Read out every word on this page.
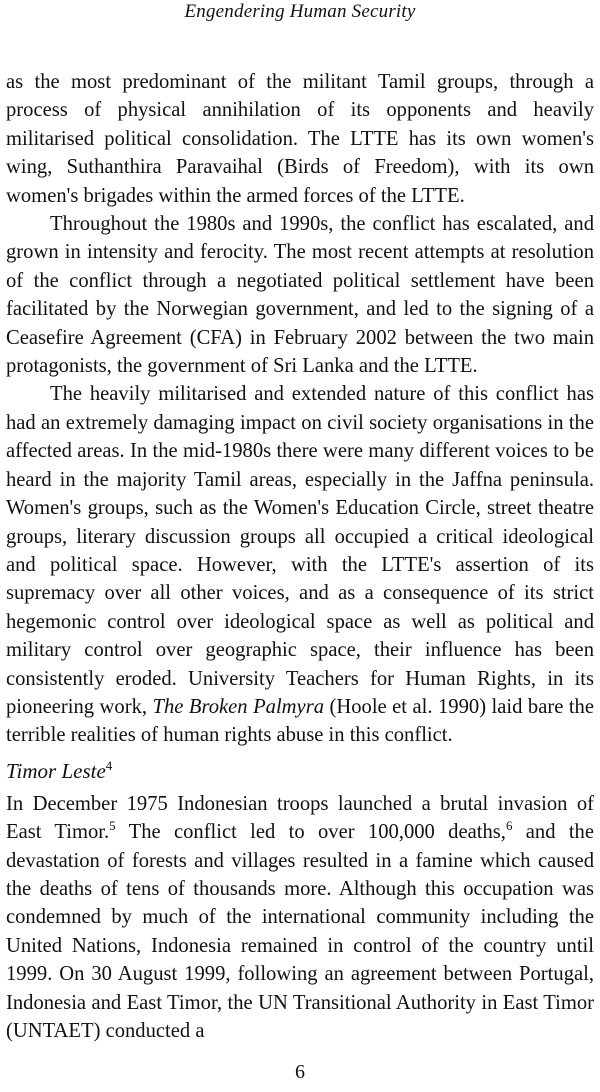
Engendering Human Security

as the most predominant of the militant Tamil groups, through a process of physical annihilation of its opponents and heavily militarised political consolidation. The LTTE has its own women's wing, Suthanthira Paravaihal (Birds of Freedom), with its own women's brigades within the armed forces of the LTTE.

Throughout the 1980s and 1990s, the conflict has escalated, and grown in intensity and ferocity. The most recent attempts at resolution of the conflict through a negotiated political settlement have been facilitated by the Norwegian government, and led to the signing of a Ceasefire Agreement (CFA) in February 2002 between the two main protagonists, the government of Sri Lanka and the LTTE.

The heavily militarised and extended nature of this conflict has had an extremely damaging impact on civil society organisations in the affected areas. In the mid-1980s there were many different voices to be heard in the majority Tamil areas, especially in the Jaffna peninsula. Women's groups, such as the Women's Education Circle, street theatre groups, literary discussion groups all occupied a critical ideological and political space. However, with the LTTE's assertion of its supremacy over all other voices, and as a consequence of its strict hegemonic control over ideological space as well as political and military control over geographic space, their influence has been consistently eroded. University Teachers for Human Rights, in its pioneering work, The Broken Palmyra (Hoole et al. 1990) laid bare the terrible realities of human rights abuse in this conflict.

Timor Leste$^4$

In December 1975 Indonesian troops launched a brutal invasion of East Timor.$^5$ The conflict led to over 100,000 deaths,$^6$ and the devastation of forests and villages resulted in a famine which caused the deaths of tens of thousands more. Although this occupation was condemned by much of the international community including the United Nations, Indonesia remained in control of the country until 1999. On 30 August 1999, following an agreement between Portugal, Indonesia and East Timor, the UN Transitional Authority in East Timor (UNTAET) conducted a

6
